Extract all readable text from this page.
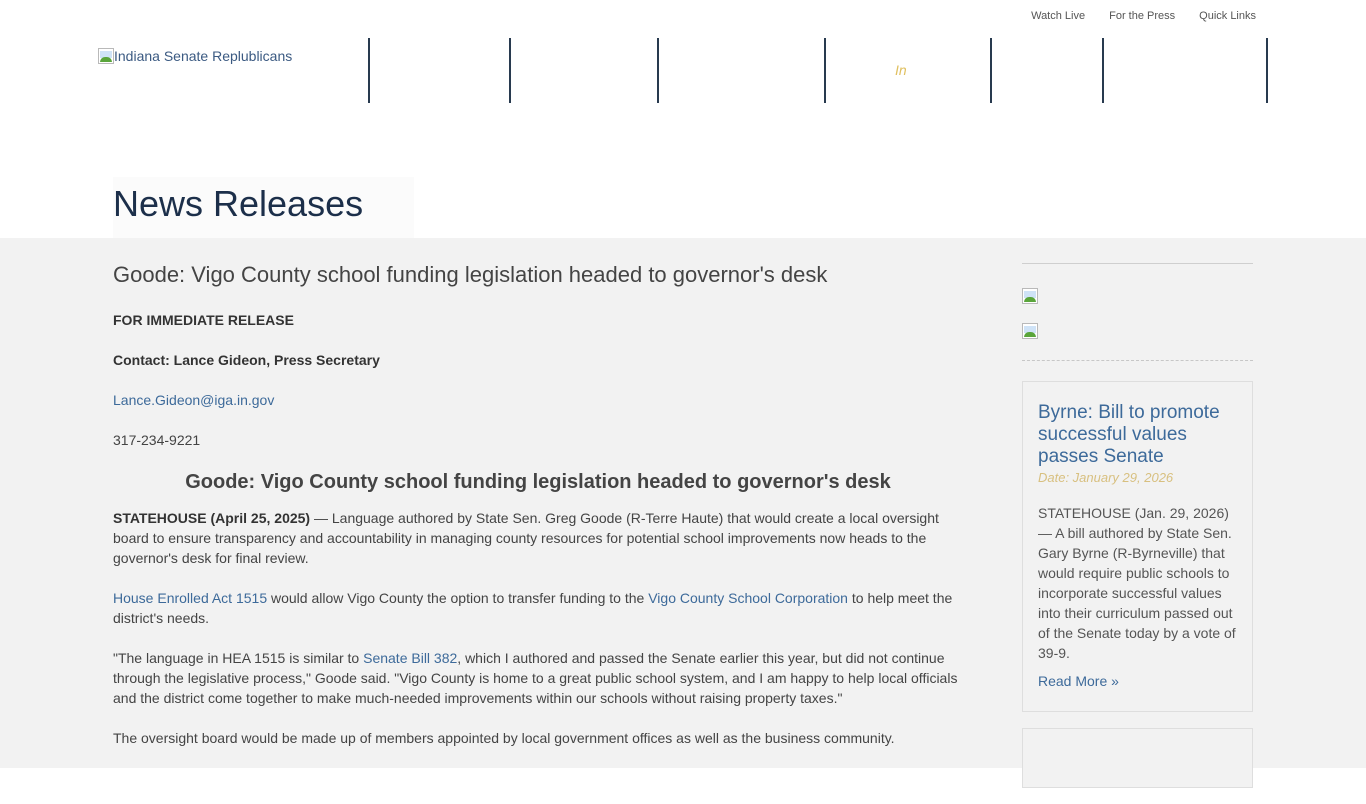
Watch Live For the Press Quick Links
Indiana Senate Replublicans
In
News Releases
Goode: Vigo County school funding legislation headed to governor's desk

FOR IMMEDIATE RELEASE

Contact: Lance Gideon, Press Secretary

Lance.Gideon@iga.in.gov

317-234-9221

Goode: Vigo County school funding legislation headed to governor's desk

STATEHOUSE (April 25, 2025) — Language authored by State Sen. Greg Goode (R-Terre Haute) that would create a local oversight board to ensure transparency and accountability in managing county resources for potential school improvements now heads to the governor's desk for final review.

House Enrolled Act 1515 would allow Vigo County the option to transfer funding to the Vigo County School Corporation to help meet the district's needs.

"The language in HEA 1515 is similar to Senate Bill 382, which I authored and passed the Senate earlier this year, but did not continue through the legislative process," Goode said. "Vigo County is home to a great public school system, and I am happy to help local officials and the district come together to make much-needed improvements within our schools without raising property taxes."

The oversight board would be made up of members appointed by local government offices as well as the business community.

Byrne: Bill to promote successful values passes Senate
Date: January 29, 2026

STATEHOUSE (Jan. 29, 2026) — A bill authored by State Sen. Gary Byrne (R-Byrneville) that would require public schools to incorporate successful values into their curriculum passed out of the Senate today by a vote of 39-9.

Read More »
